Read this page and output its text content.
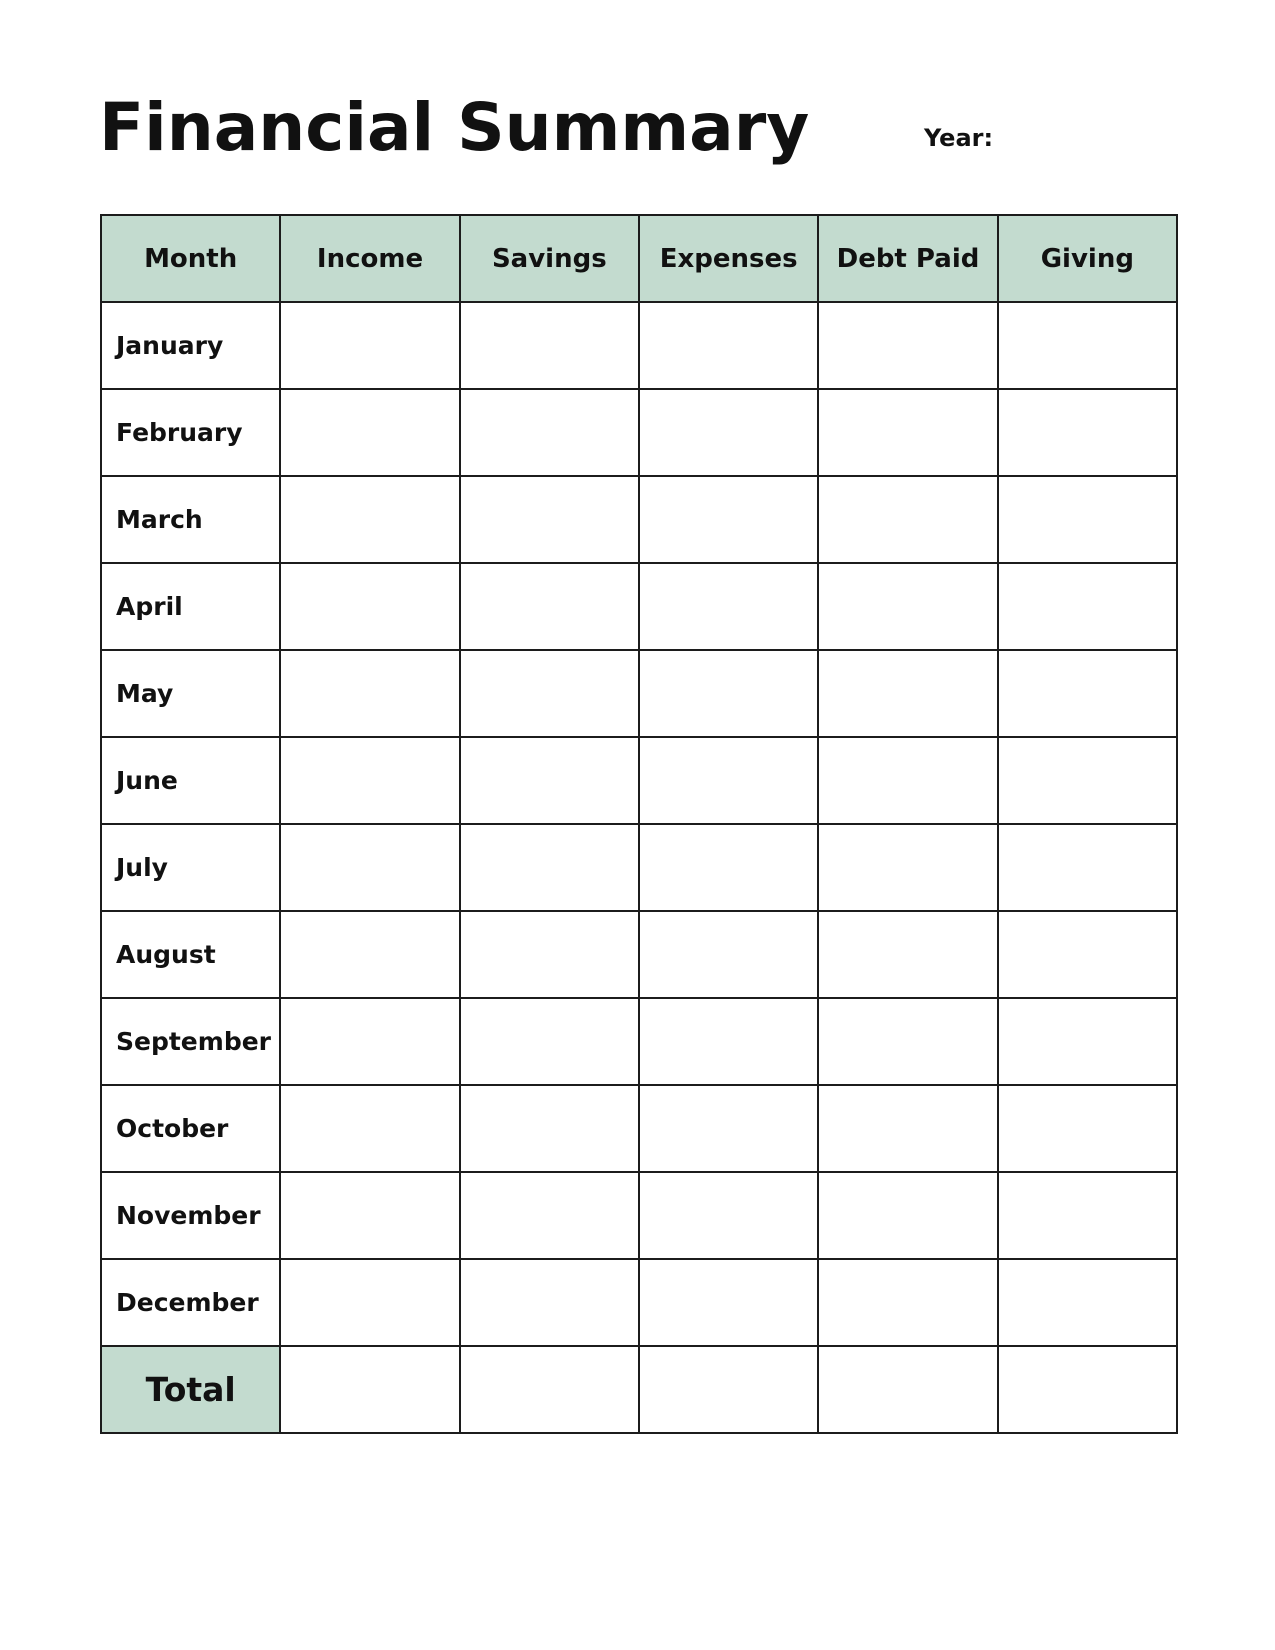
Financial Summary	Year:
Month	Income	Savings	Expenses	Debt Paid	Giving
January					
February					
March					
April					
May					
June					
July					
August					
September					
October					
November					
December					
Total					
